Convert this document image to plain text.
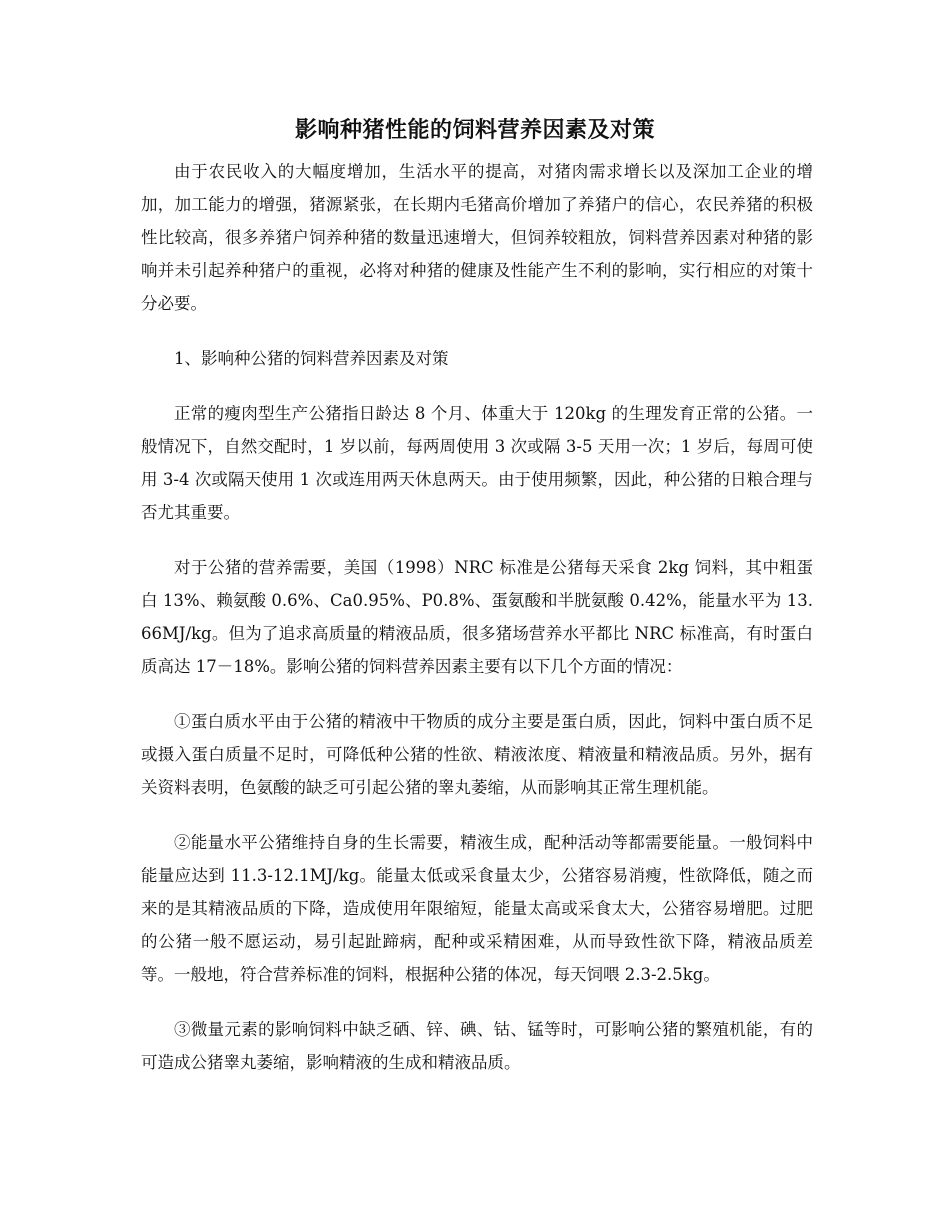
影响种猪性能的饲料营养因素及对策

由于农民收入的大幅度增加，生活水平的提高，对猪肉需求增长以及深加工企业的增加，加工能力的增强，猪源紧张，在长期内毛猪高价增加了养猪户的信心，农民养猪的积极性比较高，很多养猪户饲养种猪的数量迅速增大，但饲养较粗放，饲料营养因素对种猪的影响并未引起养种猪户的重视，必将对种猪的健康及性能产生不利的影响，实行相应的对策十分必要。

1、影响种公猪的饲料营养因素及对策

正常的瘦肉型生产公猪指日龄达 8 个月、体重大于 120kg 的生理发育正常的公猪。一般情况下，自然交配时，1 岁以前，每两周使用 3 次或隔 3-5 天用一次；1 岁后，每周可使用 3-4 次或隔天使用 1 次或连用两天休息两天。由于使用频繁，因此，种公猪的日粮合理与否尤其重要。

对于公猪的营养需要，美国（1998）NRC 标准是公猪每天采食 2kg 饲料，其中粗蛋白 13%、赖氨酸 0.6%、Ca0.95%、P0.8%、蛋氨酸和半胱氨酸 0.42%，能量水平为 13.66MJ/kg。但为了追求高质量的精液品质，很多猪场营养水平都比 NRC 标准高，有时蛋白质高达 17－18%。影响公猪的饲料营养因素主要有以下几个方面的情况：

①蛋白质水平由于公猪的精液中干物质的成分主要是蛋白质，因此，饲料中蛋白质不足或摄入蛋白质量不足时，可降低种公猪的性欲、精液浓度、精液量和精液品质。另外，据有关资料表明，色氨酸的缺乏可引起公猪的睾丸萎缩，从而影响其正常生理机能。

②能量水平公猪维持自身的生长需要，精液生成，配种活动等都需要能量。一般饲料中能量应达到 11.3-12.1MJ/kg。能量太低或采食量太少，公猪容易消瘦，性欲降低，随之而来的是其精液品质的下降，造成使用年限缩短，能量太高或采食太大，公猪容易增肥。过肥的公猪一般不愿运动，易引起趾蹄病，配种或采精困难，从而导致性欲下降，精液品质差等。一般地，符合营养标准的饲料，根据种公猪的体况，每天饲喂 2.3-2.5kg。

③微量元素的影响饲料中缺乏硒、锌、碘、钴、锰等时，可影响公猪的繁殖机能，有的可造成公猪睾丸萎缩，影响精液的生成和精液品质。
